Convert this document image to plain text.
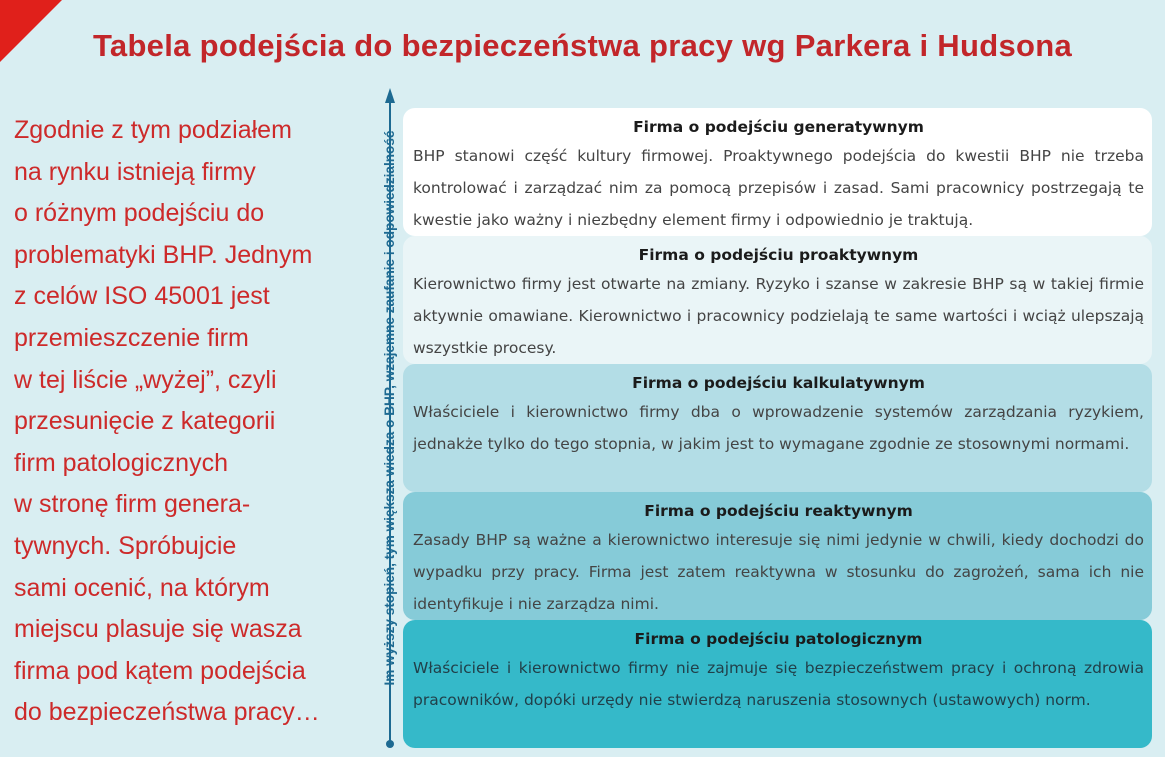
Tabela podejścia do bezpieczeństwa pracy wg Parkera i Hudsona
Zgodnie z tym podziałem
na rynku istnieją firmy
o różnym podejściu do
problematyki BHP. Jednym
z celów ISO 45001 jest
przemieszczenie firm
w tej liście „wyżej”, czyli
przesunięcie z kategorii
firm patologicznych
w stronę firm genera-
tywnych. Spróbujcie
sami ocenić, na którym
miejscu plasuje się wasza
firma pod kątem podejścia
do bezpieczeństwa pracy…
Im wyższy stopień, tym większa wiedza o BHP, wzajemne zaufanie i odpowiedzialność
Firma o podejściu generatywnym

BHP stanowi część kultury firmowej. Proaktywnego podejścia do kwestii BHP nie trzeba kontrolować i zarządzać nim za pomocą przepisów i zasad. Sami pracownicy postrzegają te kwestie jako ważny i niezbędny element firmy i odpowiednio je traktują.

Firma o podejściu proaktywnym

Kierownictwo firmy jest otwarte na zmiany. Ryzyko i szanse w zakresie BHP są w takiej firmie aktywnie omawiane. Kierownictwo i pracownicy podzielają te same wartości i wciąż ulepszają wszystkie procesy.

Firma o podejściu kalkulatywnym

Właściciele i kierownictwo firmy dba o wprowadzenie systemów zarządzania ryzykiem, jednakże tylko do tego stopnia, w jakim jest to wymagane zgodnie ze stosownymi normami.

Firma o podejściu reaktywnym

Zasady BHP są ważne a kierownictwo interesuje się nimi jedynie w chwili, kiedy dochodzi do wypadku przy pracy. Firma jest zatem reaktywna w stosunku do zagrożeń, sama ich nie identyfikuje i nie zarządza nimi.

Firma o podejściu patologicznym

Właściciele i kierownictwo firmy nie zajmuje się bezpieczeństwem pracy i ochroną zdrowia pracowników, dopóki urzędy nie stwierdzą naruszenia stosownych (ustawowych) norm.
